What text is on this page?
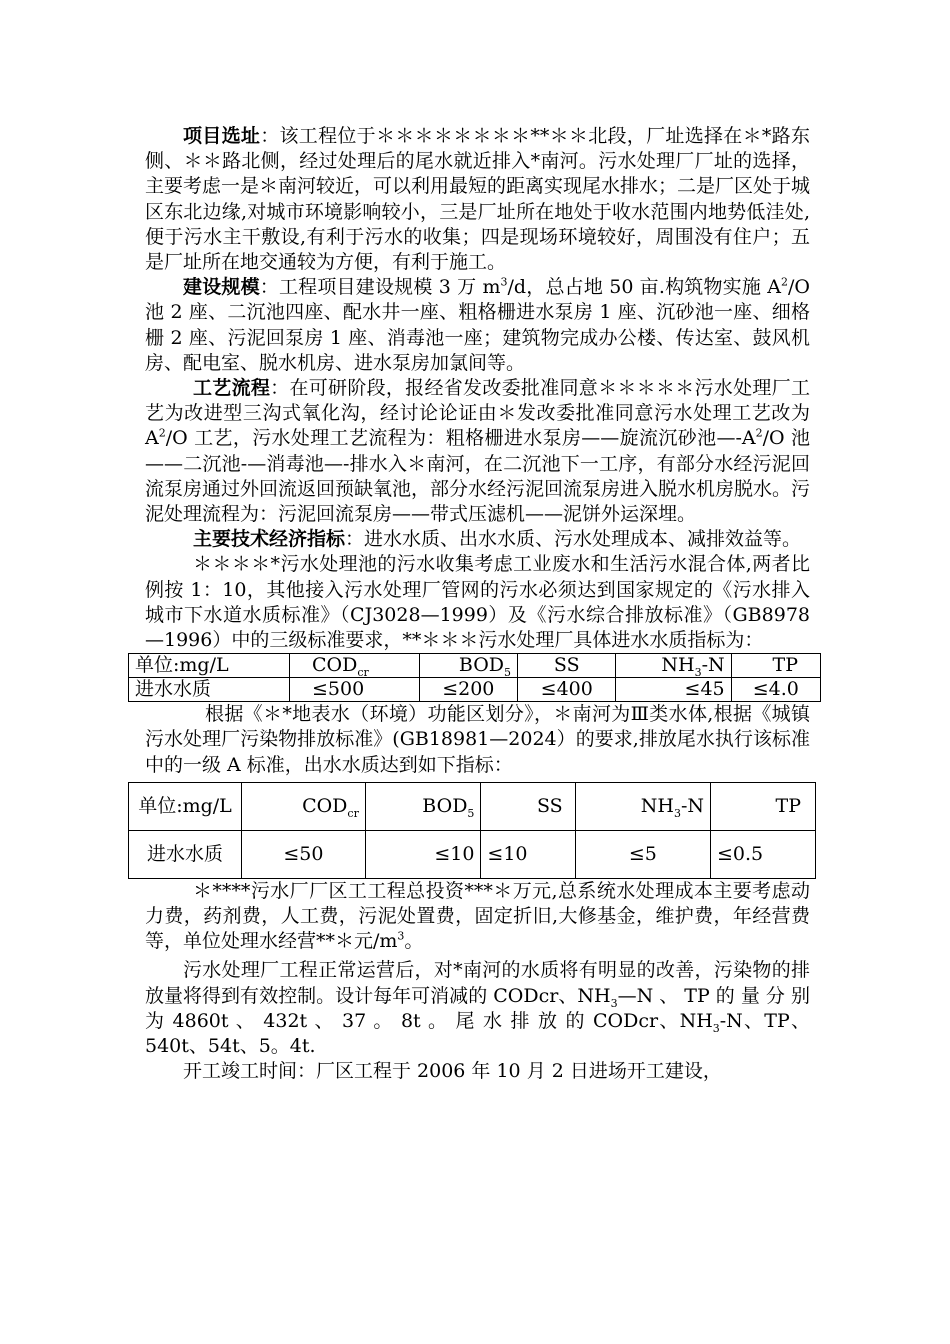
项目选址：该工程位于＊＊＊＊＊＊＊＊**＊＊北段，厂址选择在＊*路东侧、＊＊路北侧，经过处理后的尾水就近排入*南河。污水处理厂厂址的选择，主要考虑一是＊南河较近，可以利用最短的距离实现尾水排水；二是厂区处于城区东北边缘,对城市环境影响较小，三是厂址所在地处于收水范围内地势低洼处,便于污水主干敷设,有利于污水的收集；四是现场环境较好，周围没有住户；五是厂址所在地交通较为方便，有利于施工。

建设规模：工程项目建设规模 3 万 $m^3/d$，总占地 50 亩.构筑物实施 $A^2/O$ 池 2 座、二沉池四座、配水井一座、粗格栅进水泵房 1 座、沉砂池一座、细格栅 2 座、污泥回泵房 1 座、消毒池一座；建筑物完成办公楼、传达室、鼓风机房、配电室、脱水机房、进水泵房加氯间等。

工艺流程：在可研阶段，报经省发改委批准同意＊＊＊＊＊污水处理厂工艺为改进型三沟式氧化沟，经讨论论证由＊发改委批准同意污水处理工艺改为 $A^2/O$ 工艺，污水处理工艺流程为：粗格栅进水泵房——旋流沉砂池$—-A^2/O$ 池——二沉池-—消毒池—-排水入＊南河，在二沉池下一工序，有部分水经污泥回流泵房通过外回流返回预缺氧池，部分水经污泥回流泵房进入脱水机房脱水。污泥处理流程为：污泥回流泵房——带式压滤机——泥饼外运深埋。

主要技术经济指标：进水水质、出水水质、污水处理成本、减排效益等。

＊＊＊＊*污水处理池的污水收集考虑工业废水和生活污水混合体,两者比例按 1：10，其他接入污水处理厂管网的污水必须达到国家规定的《污水排入城市下水道水质标准》（CJ3028—1999）及《污水综合排放标准》（GB8978—1996）中的三级标准要求，**＊＊＊污水处理厂具体进水水质指标为：

单位:mg/L	$COD_{cr}$	$BOD_5$	SS	$NH_3-N$	TP
进水水质	≤500	≤200	≤400	≤45	≤4.0

根据《＊*地表水（环境）功能区划分》，＊南河为Ⅲ类水体,根据《城镇污水处理厂污染物排放标准》(GB18981—2024）的要求,排放尾水执行该标准中的一级 A 标准，出水水质达到如下指标：

单位:mg/L	$COD_{cr}$	$BOD_5$	SS	$NH_3-N$	TP
进水水质	≤50	≤10	≤10	≤5	≤0.5

＊****污水厂厂区工工程总投资***＊万元,总系统水处理成本主要考虑动力费，药剂费，人工费，污泥处置费，固定折旧,大修基金，维护费，年经营费等，单位处理水经营**＊元$/m^3$。

污水处理厂工程正常运营后，对*南河的水质将有明显的改善，污染物的排放量将得到有效控制。设计每年可消减的 CODcr、$NH_3—N$ 、 TP 的 量 分 别 为 4860t 、 432t 、 37 。 8t 。 尾 水 排 放 的 CODcr、$NH_3-N$、TP、540t、54t、5。4t.

开工竣工时间：厂区工程于 2006 年 10 月 2 日进场开工建设，
